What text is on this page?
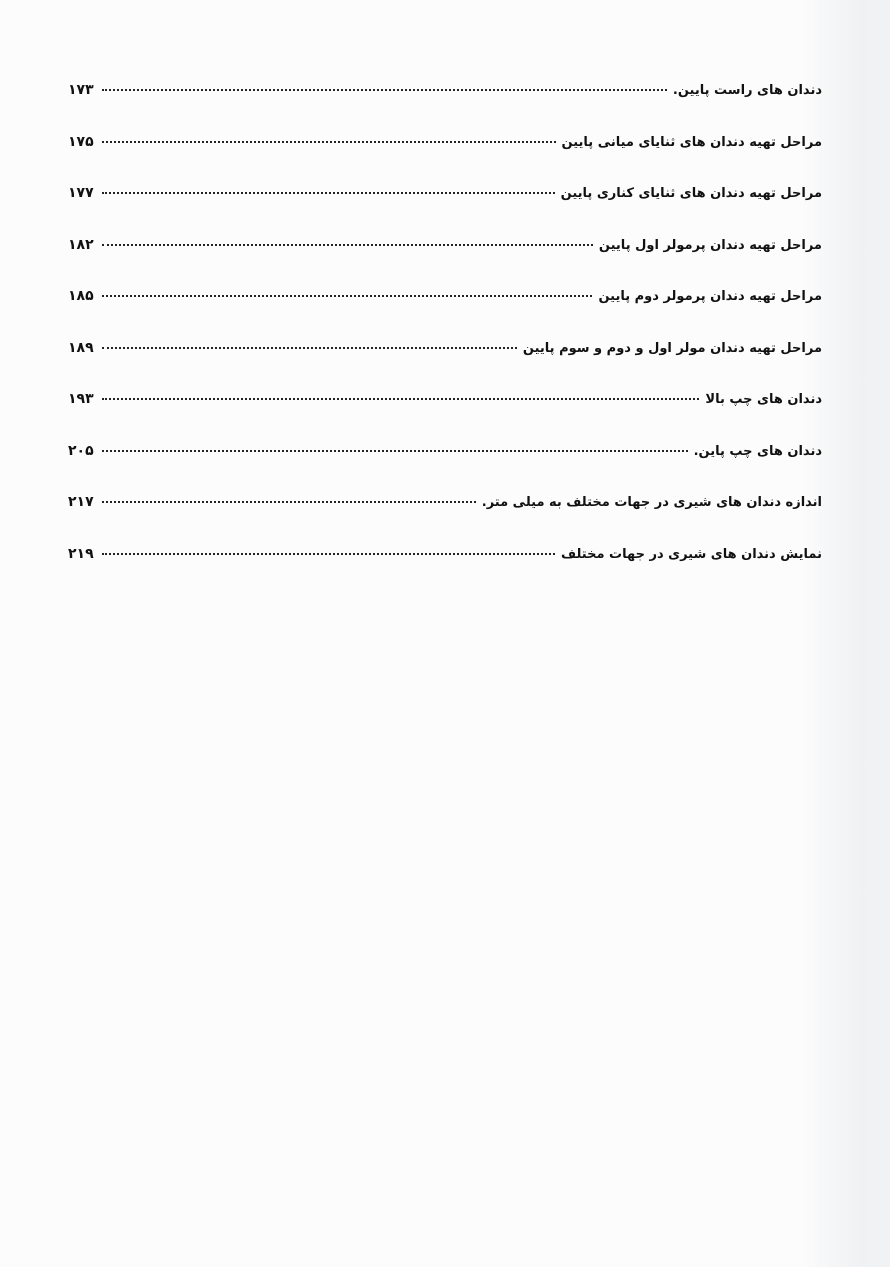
دندان های راست پایین.
۱۷۳
مراحل تهیه دندان های ثنایای میانی پایین
۱۷۵
مراحل تهیه دندان های ثنایای کناری پایین
۱۷۷
مراحل تهیه دندان پرمولر اول پایین
۱۸۲
مراحل تهیه دندان پرمولر دوم پایین
۱۸۵
مراحل تهیه دندان مولر اول و دوم و سوم پایین
۱۸۹
دندان های چپ بالا
۱۹۳
دندان های چپ پاین.
۲۰۵
اندازه دندان های شیری در جهات مختلف به میلی متر.
۲۱۷
نمایش دندان های شیری در جهات مختلف
۲۱۹
